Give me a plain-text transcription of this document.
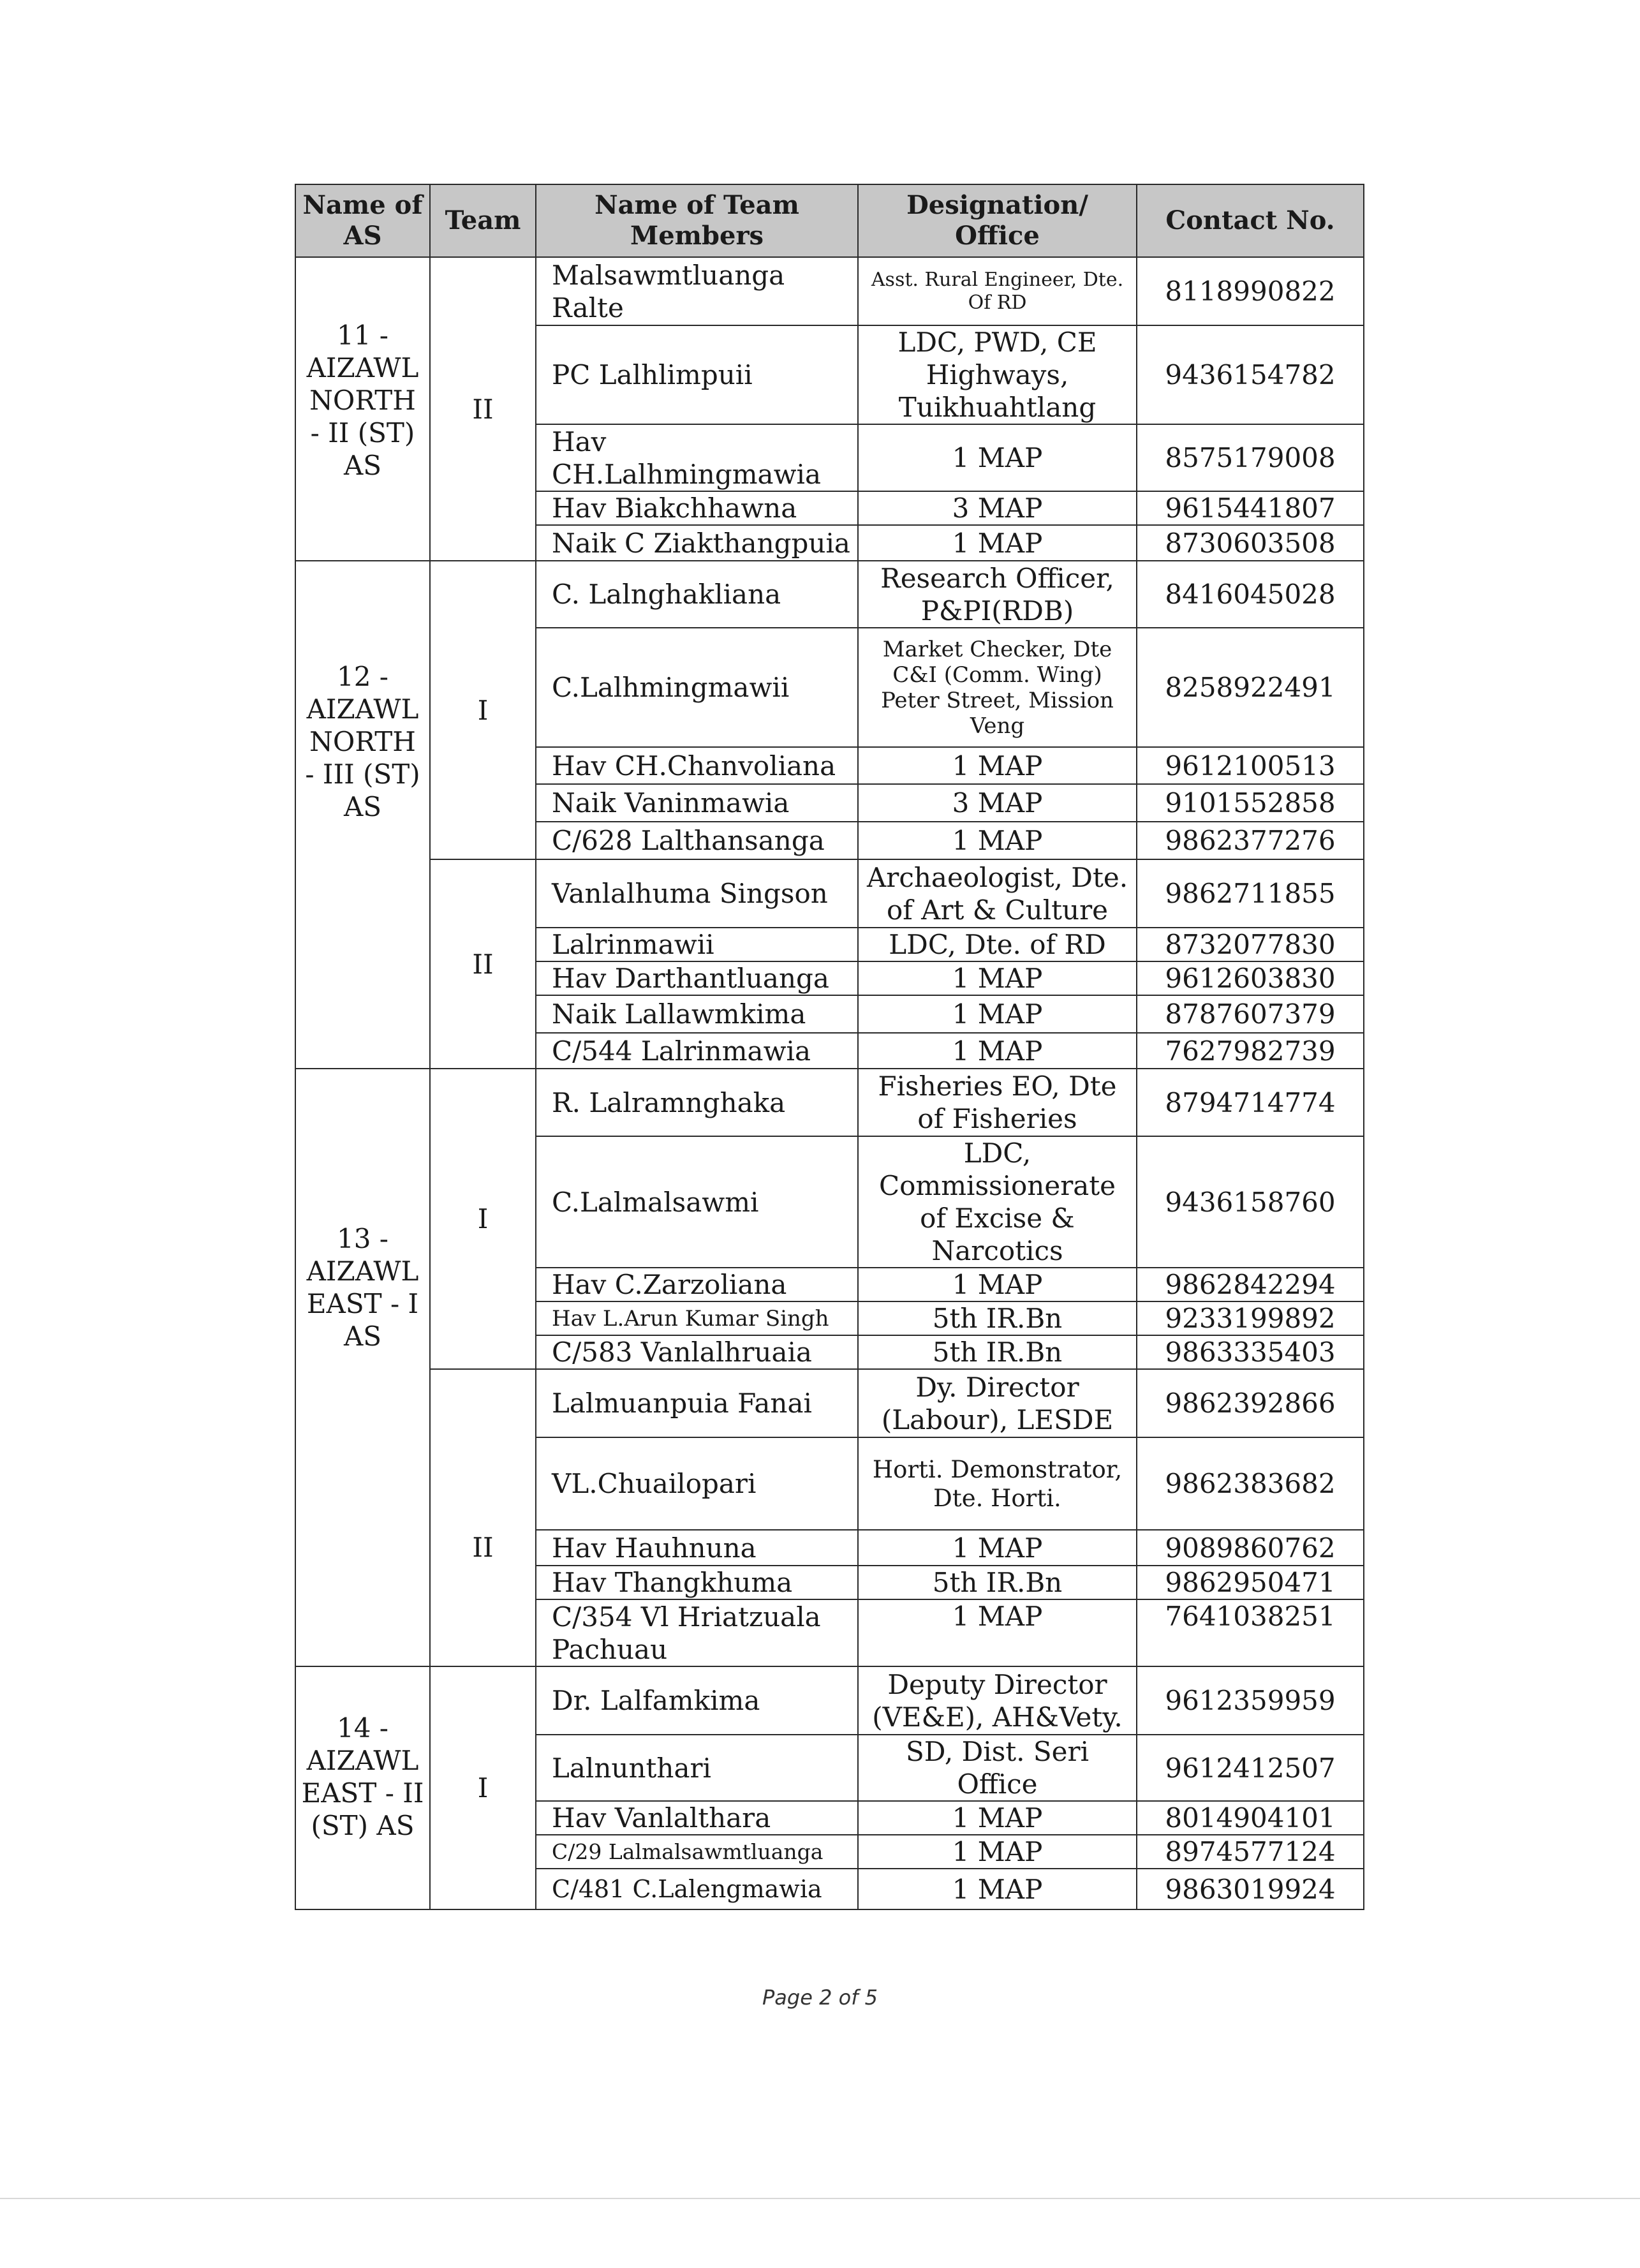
Name of AS	Team	Name of Team Members	Designation/ Office	Contact No.
11 - AIZAWL NORTH - II (ST) AS	II	Malsawmtluanga Ralte	Asst. Rural Engineer, Dte. Of RD	8118990822
		PC Lalhlimpuii	LDC, PWD, CE Highways, Tuikhuahtlang	9436154782
		Hav CH.Lalhmingmawia	1 MAP	8575179008
		Hav Biakchhawna	3 MAP	9615441807
		Naik C Ziakthangpuia	1 MAP	8730603508
12 - AIZAWL NORTH - III (ST) AS	I	C. Lalnghakliana	Research Officer, P&PI(RDB)	8416045028
		C.Lalhmingmawii	Market Checker, Dte C&I (Comm. Wing) Peter Street, Mission Veng	8258922491
		Hav CH.Chanvoliana	1 MAP	9612100513
		Naik Vaninmawia	3 MAP	9101552858
		C/628 Lalthansanga	1 MAP	9862377276
	II	Vanlalhuma Singson	Archaeologist, Dte. of Art & Culture	9862711855
		Lalrinmawii	LDC, Dte. of RD	8732077830
		Hav Darthantluanga	1 MAP	9612603830
		Naik Lallawmkima	1 MAP	8787607379
		C/544 Lalrinmawia	1 MAP	7627982739
13 - AIZAWL EAST - I AS	I	R. Lalramnghaka	Fisheries EO, Dte of Fisheries	8794714774
		C.Lalmalsawmi	LDC, Commissionerate of Excise & Narcotics	9436158760
		Hav C.Zarzoliana	1 MAP	9862842294
		Hav L.Arun Kumar Singh	5th IR.Bn	9233199892
		C/583 Vanlalhruaia	5th IR.Bn	9863335403
	II	Lalmuanpuia Fanai	Dy. Director (Labour), LESDE	9862392866
		VL.Chuailopari	Horti. Demonstrator, Dte. Horti.	9862383682
		Hav Hauhnuna	1 MAP	9089860762
		Hav Thangkhuma	5th IR.Bn	9862950471
		C/354 Vl Hriatzuala Pachuau	1 MAP	7641038251
14 - AIZAWL EAST - II (ST) AS	I	Dr. Lalfamkima	Deputy Director (VE&E), AH&Vety.	9612359959
		Lalnunthari	SD, Dist. Seri Office	9612412507
		Hav Vanlalthara	1 MAP	8014904101
		C/29 Lalmalsawmtluanga	1 MAP	8974577124
		C/481 C.Lalengmawia	1 MAP	9863019924
Page 2 of 5
